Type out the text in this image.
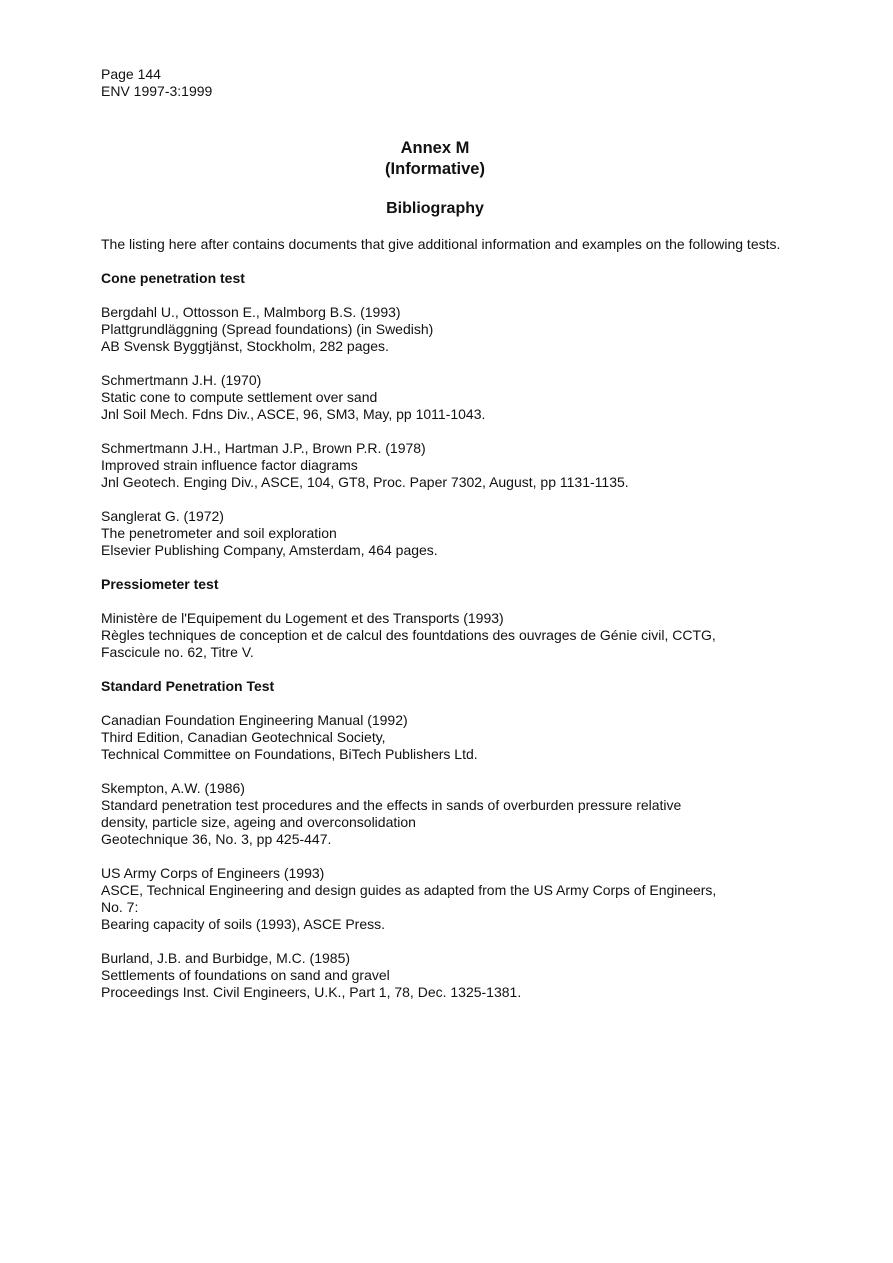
Page 144
ENV 1997-3:1999
Annex M
(Informative)
Bibliography

The listing here after contains documents that give additional information and examples on the following tests.

Cone penetration test
Bergdahl U., Ottosson E., Malmborg B.S. (1993)
Plattgrundläggning (Spread foundations) (in Swedish)
AB Svensk Byggtjänst, Stockholm, 282 pages.
Schmertmann J.H. (1970)
Static cone to compute settlement over sand
Jnl Soil Mech. Fdns Div., ASCE, 96, SM3, May, pp 1011-1043.
Schmertmann J.H., Hartman J.P., Brown P.R. (1978)
Improved strain influence factor diagrams
Jnl Geotech. Enging Div., ASCE, 104, GT8, Proc. Paper 7302, August, pp 1131-1135.
Sanglerat G. (1972)
The penetrometer and soil exploration
Elsevier Publishing Company, Amsterdam, 464 pages.
Pressiometer test
Ministère de l'Equipement du Logement et des Transports (1993)
Règles techniques de conception et de calcul des fountdations des ouvrages de Génie civil, CCTG,
Fascicule no. 62, Titre V.
Standard Penetration Test
Canadian Foundation Engineering Manual (1992)
Third Edition, Canadian Geotechnical Society,
Technical Committee on Foundations, BiTech Publishers Ltd.
Skempton, A.W. (1986)
Standard penetration test procedures and the effects in sands of overburden pressure relative
density, particle size, ageing and overconsolidation
Geotechnique 36, No. 3, pp 425-447.
US Army Corps of Engineers (1993)
ASCE, Technical Engineering and design guides as adapted from the US Army Corps of Engineers,
No. 7:
Bearing capacity of soils (1993), ASCE Press.
Burland, J.B. and Burbidge, M.C. (1985)
Settlements of foundations on sand and gravel
Proceedings Inst. Civil Engineers, U.K., Part 1, 78, Dec. 1325-1381.
